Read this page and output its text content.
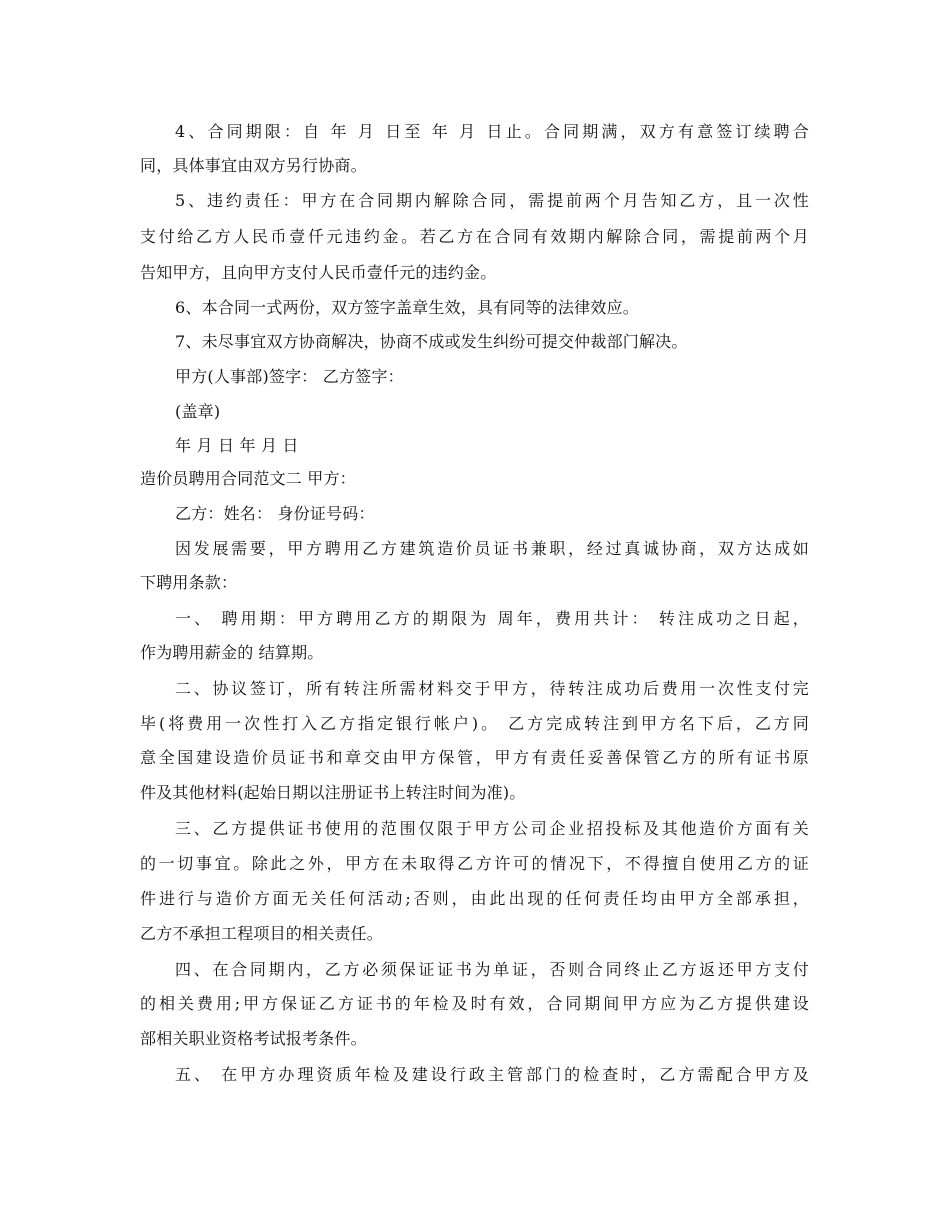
4、合同期限：自 年 月 日至 年 月 日止。合同期满，双方有意签订续聘合
同，具体事宜由双方另行协商。
5、违约责任：甲方在合同期内解除合同，需提前两个月告知乙方，且一次性
支付给乙方人民币壹仟元违约金。若乙方在合同有效期内解除合同，需提前两个月
告知甲方，且向甲方支付人民币壹仟元的违约金。
6、本合同一式两份，双方签字盖章生效，具有同等的法律效应。
7、未尽事宜双方协商解决，协商不成或发生纠纷可提交仲裁部门解决。
甲方(人事部)签字： 乙方签字：
(盖章)
年 月 日 年 月 日
造价员聘用合同范文二 甲方：
乙方：姓名： 身份证号码：
因发展需要，甲方聘用乙方建筑造价员证书兼职，经过真诚协商，双方达成如
下聘用条款：
一、 聘用期：甲方聘用乙方的期限为 周年，费用共计： 转注成功之日起，
作为聘用薪金的 结算期。
二、协议签订，所有转注所需材料交于甲方，待转注成功后费用一次性支付完
毕(将费用一次性打入乙方指定银行帐户)。 乙方完成转注到甲方名下后，乙方同
意全国建设造价员证书和章交由甲方保管，甲方有责任妥善保管乙方的所有证书原
件及其他材料(起始日期以注册证书上转注时间为准)。
三、乙方提供证书使用的范围仅限于甲方公司企业招投标及其他造价方面有关
的一切事宜。除此之外，甲方在未取得乙方许可的情况下，不得擅自使用乙方的证
件进行与造价方面无关任何活动;否则，由此出现的任何责任均由甲方全部承担，
乙方不承担工程项目的相关责任。
四、在合同期内，乙方必须保证证书为单证，否则合同终止乙方返还甲方支付
的相关费用;甲方保证乙方证书的年检及时有效，合同期间甲方应为乙方提供建设
部相关职业资格考试报考条件。
五、 在甲方办理资质年检及建设行政主管部门的检查时，乙方需配合甲方及
